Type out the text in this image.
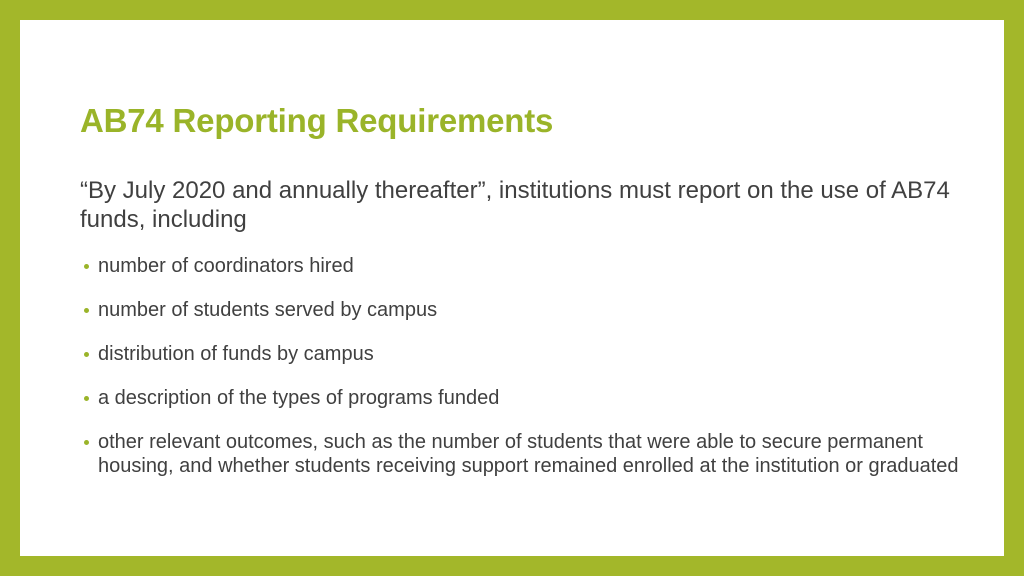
AB74 Reporting Requirements

“By July 2020 and annually thereafter”, institutions must report on the use of AB74 funds, including

number of coordinators hired
number of students served by campus
distribution of funds by campus
a description of the types of programs funded
other relevant outcomes, such as the number of students that were able to secure permanent housing, and whether students receiving support remained enrolled at the institution or graduated
